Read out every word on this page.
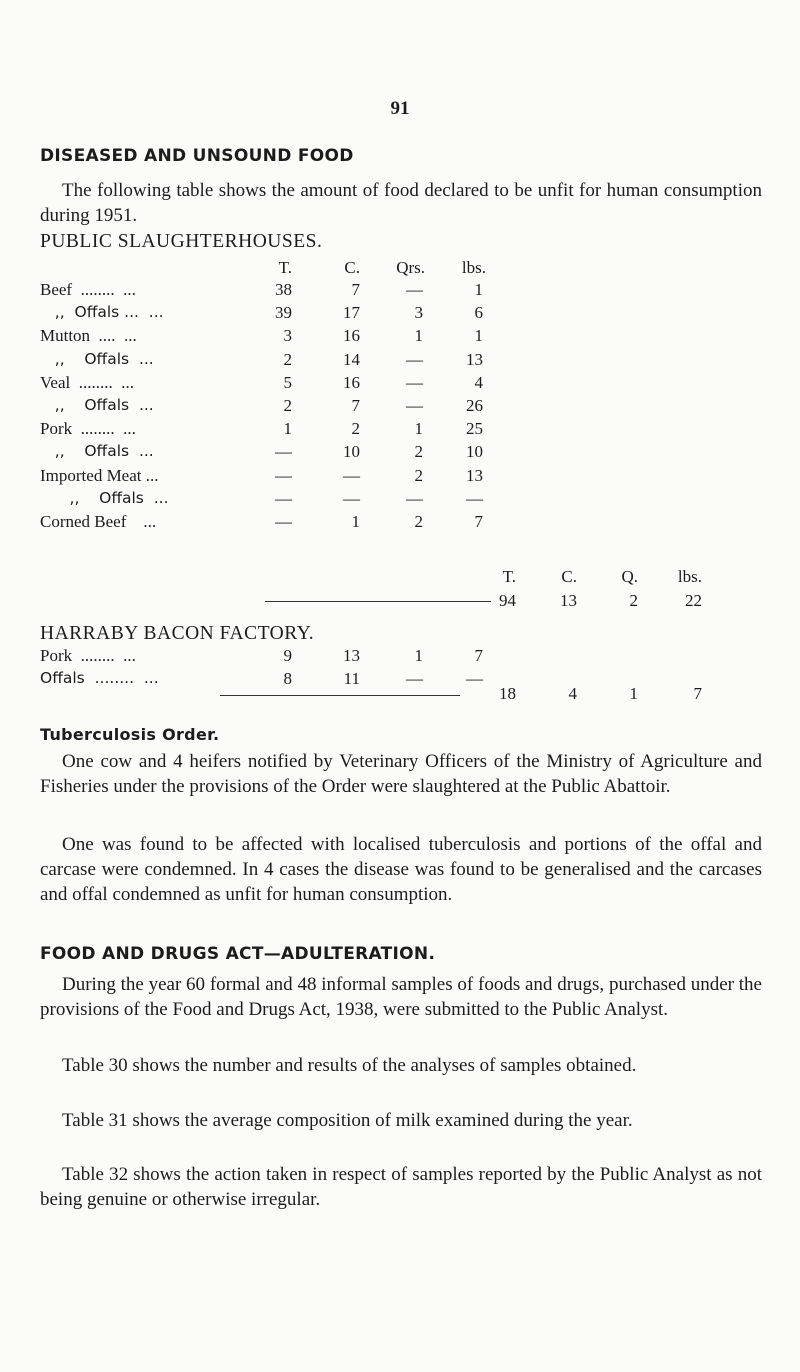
91
DISEASED AND UNSOUND FOOD

The following table shows the amount of food declared to be unfit for human consumption during 1951.

PUBLIC SLAUGHTERHOUSES.
T.	C.	Qrs.	lbs.
Beef  ........  ...	38	7	—	1
,,  Offals ...  ...	39	17	3	6
Mutton  ....  ...	3	16	1	1
,,    Offals  ...	2	14	—	13
Veal  ........  ...	5	16	—	4
,,    Offals  ...	2	7	—	26
Pork  ........  ...	1	2	1	25
,,    Offals  ...	—	10	2	10
Imported Meat ...	—	—	2	13
,,    Offals  ...	—	—	—	—
Corned Beef    ...	—	1	2	7
T.	C.	Q.	lbs.
94	13	2	22
HARRABY BACON FACTORY.
Pork  ........  ...	9	13	1	7
Offals  ........  ...	8	11	—	—
18	4	1	7
Tuberculosis Order.

One cow and 4 heifers notified by Veterinary Officers of the Ministry of Agriculture and Fisheries under the provisions of the Order were slaughtered at the Public Abattoir.

One was found to be affected with localised tuberculosis and portions of the offal and carcase were condemned. In 4 cases the disease was found to be generalised and the carcases and offal condemned as unfit for human consumption.

FOOD AND DRUGS ACT—ADULTERATION.

During the year 60 formal and 48 informal samples of foods and drugs, purchased under the provisions of the Food and Drugs Act, 1938, were submitted to the Public Analyst.

Table 30 shows the number and results of the analyses of samples obtained.

Table 31 shows the average composition of milk examined during the year.

Table 32 shows the action taken in respect of samples reported by the Public Analyst as not being genuine or otherwise irregular.
